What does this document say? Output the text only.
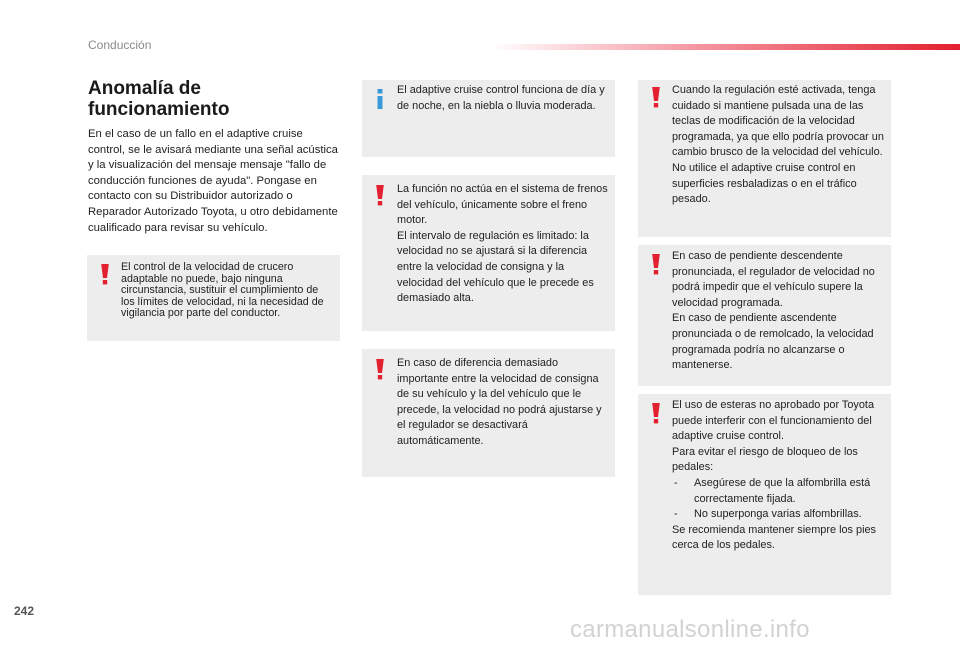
Conducción
Anomalía de funcionamiento
En el caso de un fallo en el adaptive cruise control, se le avisará mediante una señal acústica y la visualización del mensaje mensaje "fallo de conducción funciones de ayuda". Pongase en contacto con su Distribuidor autorizado o Reparador Autorizado Toyota, u otro debidamente cualificado para revisar su vehículo.
El control de la velocidad de crucero adaptable no puede, bajo ninguna circunstancia, sustituir el cumplimiento de los límites de velocidad, ni la necesidad de vigilancia por parte del conductor.
El adaptive cruise control funciona de día y de noche, en la niebla o lluvia moderada.
La función no actúa en el sistema de frenos del vehículo, únicamente sobre el freno motor.
El intervalo de regulación es limitado: la velocidad no se ajustará si la diferencia entre la velocidad de consigna y la velocidad del vehículo que le precede es demasiado alta.
En caso de diferencia demasiado importante entre la velocidad de consigna de su vehículo y la del vehículo que le precede, la velocidad no podrá ajustarse y el regulador se desactivará automáticamente.
Cuando la regulación esté activada, tenga cuidado si mantiene pulsada una de las teclas de modificación de la velocidad programada, ya que ello podría provocar un cambio brusco de la velocidad del vehículo.
No utilice el adaptive cruise control en superficies resbaladizas o en el tráfico pesado.
En caso de pendiente descendente pronunciada, el regulador de velocidad no podrá impedir que el vehículo supere la velocidad programada.
En caso de pendiente ascendente pronunciada o de remolcado, la velocidad programada podría no alcanzarse o mantenerse.
El uso de esteras no aprobado por Toyota puede interferir con el funcionamiento del adaptive cruise control.
Para evitar el riesgo de bloqueo de los pedales:
- Asegúrese de que la alfombrilla está correctamente fijada.
- No superponga varias alfombrillas.
Se recomienda mantener siempre los pies cerca de los pedales.
242
carmanualsonline.info
